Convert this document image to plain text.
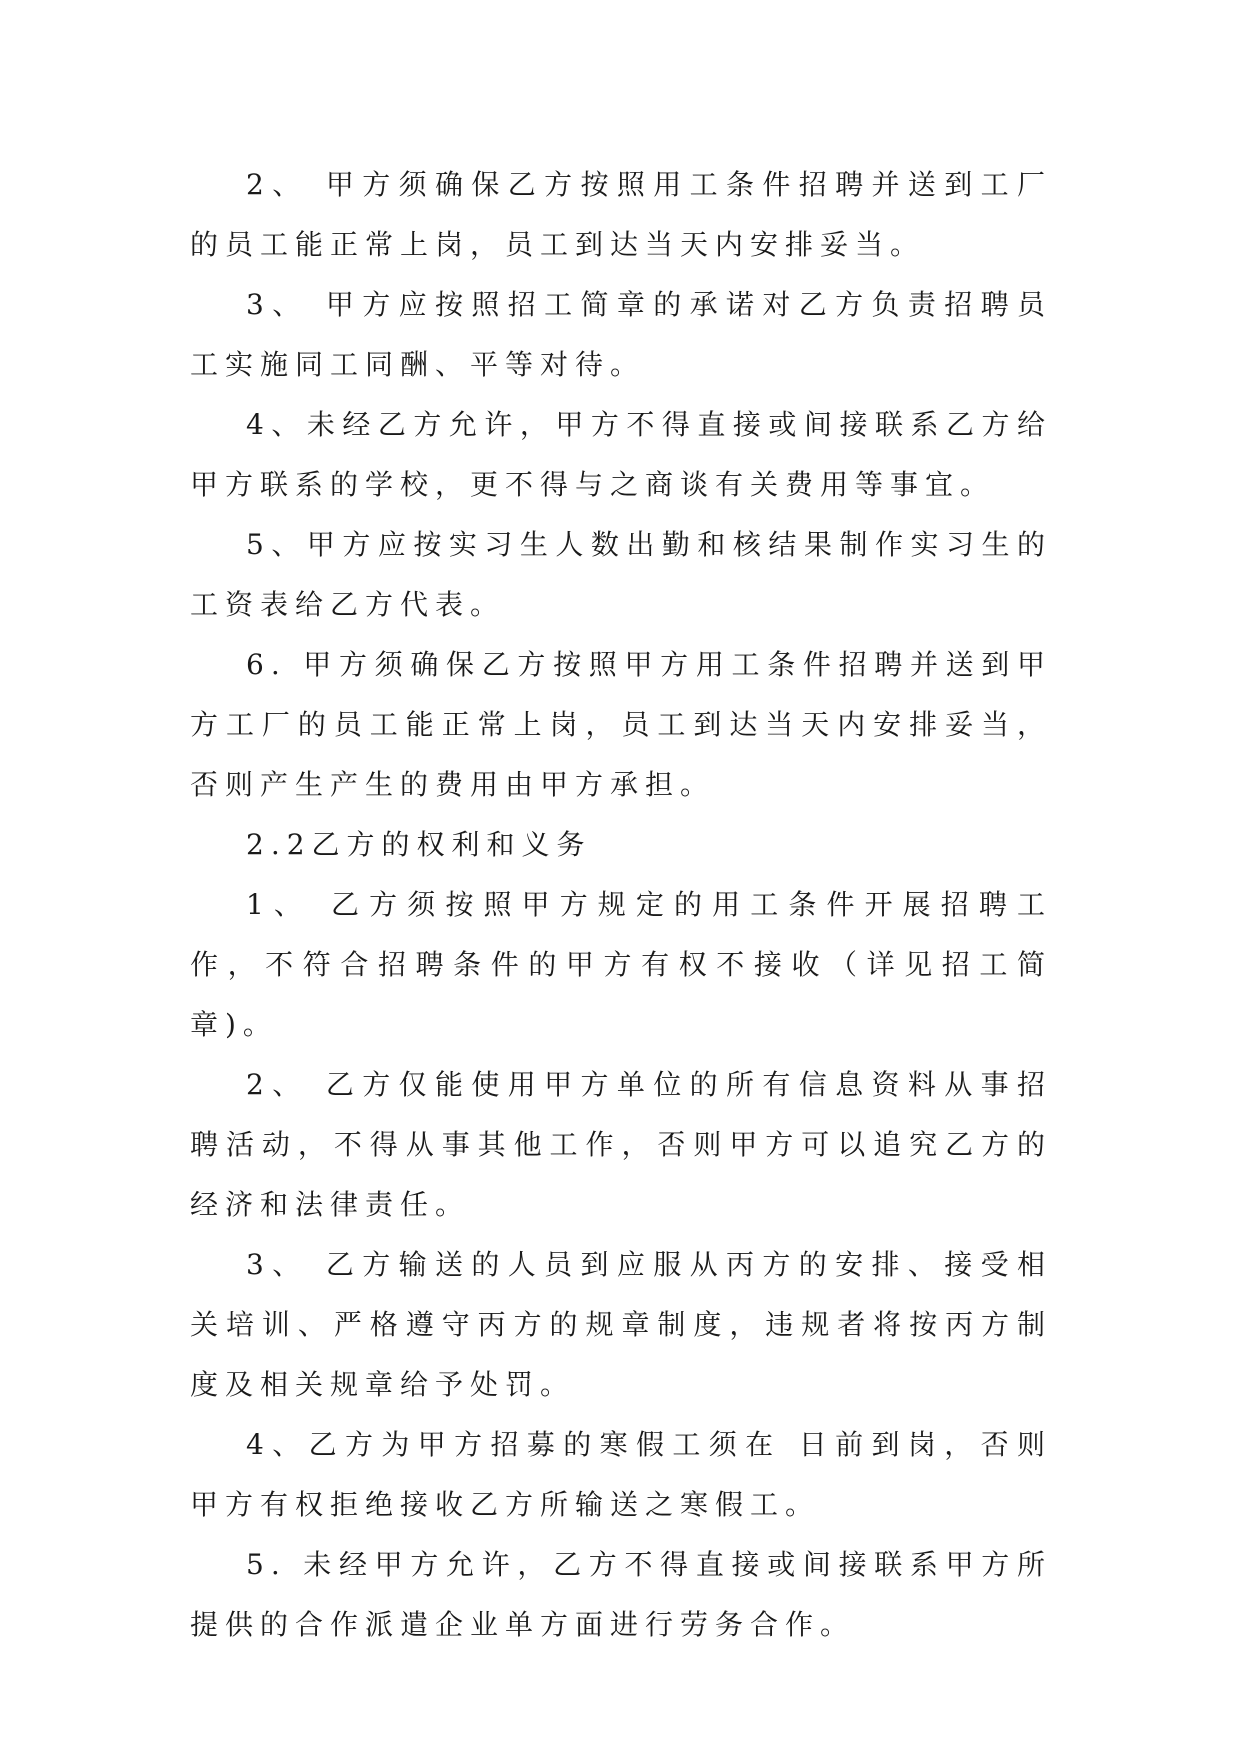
2、 甲方须确保乙方按照用工条件招聘并送到工厂的员工能正常上岗，员工到达当天内安排妥当。

3、 甲方应按照招工简章的承诺对乙方负责招聘员工实施同工同酬、平等对待。

4、未经乙方允许，甲方不得直接或间接联系乙方给甲方联系的学校，更不得与之商谈有关费用等事宜。

5、甲方应按实习生人数出勤和核结果制作实习生的工资表给乙方代表。

6. 甲方须确保乙方按照甲方用工条件招聘并送到甲方工厂的员工能正常上岗，员工到达当天内安排妥当，否则产生产生的费用由甲方承担。

2.2乙方的权利和义务

1、 乙方须按照甲方规定的用工条件开展招聘工作，不符合招聘条件的甲方有权不接收（详见招工简章)。

2、 乙方仅能使用甲方单位的所有信息资料从事招聘活动，不得从事其他工作，否则甲方可以追究乙方的经济和法律责任。

3、 乙方输送的人员到应服从丙方的安排、接受相关培训、严格遵守丙方的规章制度，违规者将按丙方制度及相关规章给予处罚。

4、乙方为甲方招募的寒假工须在 日前到岗，否则甲方有权拒绝接收乙方所输送之寒假工。

5. 未经甲方允许，乙方不得直接或间接联系甲方所提供的合作派遣企业单方面进行劳务合作。
